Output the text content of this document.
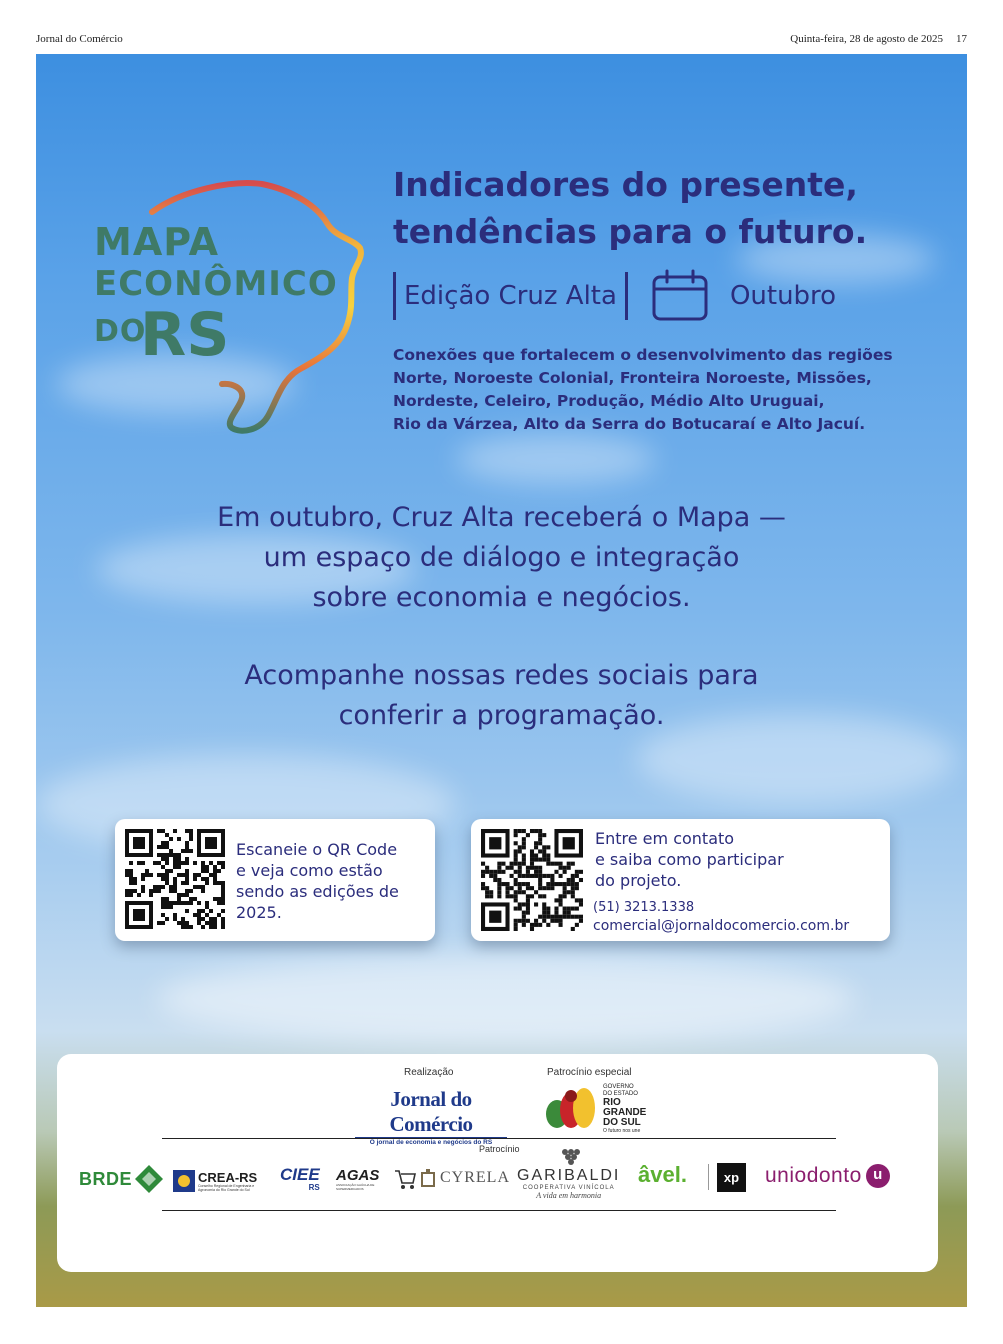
Jornal do Comércio	Quinta-feira, 28 de agosto de 2025 17
MAPA
ECONÔMICO
DO
RS
Indicadores do presente,
tendências para o futuro.
Edição Cruz Alta	Outubro
Conexões que fortalecem o desenvolvimento das regiões
Norte, Noroeste Colonial, Fronteira Noroeste, Missões,
Nordeste, Celeiro, Produção, Médio Alto Uruguai,
Rio da Várzea, Alto da Serra do Botucaraí e Alto Jacuí.
Em outubro, Cruz Alta receberá o Mapa —
um espaço de diálogo e integração
sobre economia e negócios.
Acompanhe nossas redes sociais para
conferir a programação.
Escaneie o QR Code
e veja como estão
sendo as edições de
2025.
Entre em contato
e saiba como participar
do projeto.
(51) 3213.1338
comercial@jornaldocomercio.com.br
Realização	Patrocínio especial
Jornal do Comércio
O jornal de economia e negócios do RS
GOVERNO
DO ESTADO
RIO
GRANDE
DO SUL
O futuro nos une
Patrocínio
BRDE	CREA-RS
Conselho Regional de Engenharia e Agronomia do Rio Grande do Sul
CIEE
RS
AGAS
ASSOCIAÇÃO GAÚCHA DE SUPERMERCADOS
CYRELA GARIBALDI
COOPERATIVA VINÍCOLA
A vida em harmonia
âvel.	xp uniodonto u
